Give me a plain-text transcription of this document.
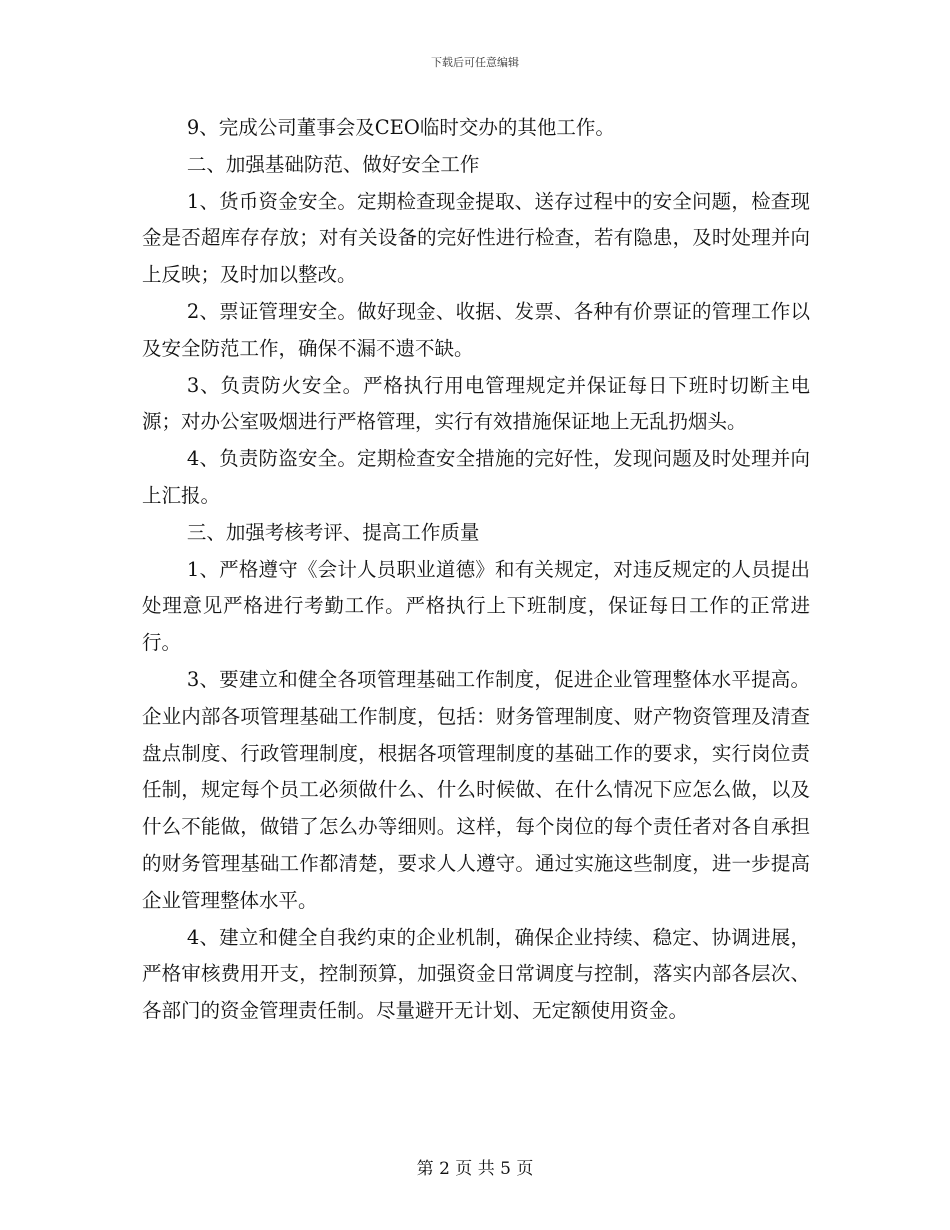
下载后可任意编辑

9、完成公司董事会及CEO临时交办的其他工作。

二、加强基础防范、做好安全工作

1、货币资金安全。定期检查现金提取、送存过程中的安全问题，检查现金是否超库存存放；对有关设备的完好性进行检查，若有隐患，及时处理并向上反映；及时加以整改。

2、票证管理安全。做好现金、收据、发票、各种有价票证的管理工作以及安全防范工作，确保不漏不遗不缺。

3、负责防火安全。严格执行用电管理规定并保证每日下班时切断主电源；对办公室吸烟进行严格管理，实行有效措施保证地上无乱扔烟头。

4、负责防盗安全。定期检查安全措施的完好性，发现问题及时处理并向上汇报。

三、加强考核考评、提高工作质量

1、严格遵守《会计人员职业道德》和有关规定，对违反规定的人员提出处理意见严格进行考勤工作。严格执行上下班制度，保证每日工作的正常进行。

3、要建立和健全各项管理基础工作制度，促进企业管理整体水平提高。企业内部各项管理基础工作制度，包括：财务管理制度、财产物资管理及清查盘点制度、行政管理制度，根据各项管理制度的基础工作的要求，实行岗位责任制，规定每个员工必须做什么、什么时候做、在什么情况下应怎么做，以及什么不能做，做错了怎么办等细则。这样，每个岗位的每个责任者对各自承担的财务管理基础工作都清楚，要求人人遵守。通过实施这些制度，进一步提高企业管理整体水平。

4、建立和健全自我约束的企业机制，确保企业持续、稳定、协调进展，严格审核费用开支，控制预算，加强资金日常调度与控制，落实内部各层次、各部门的资金管理责任制。尽量避开无计划、无定额使用资金。

第 2 页 共 5 页
